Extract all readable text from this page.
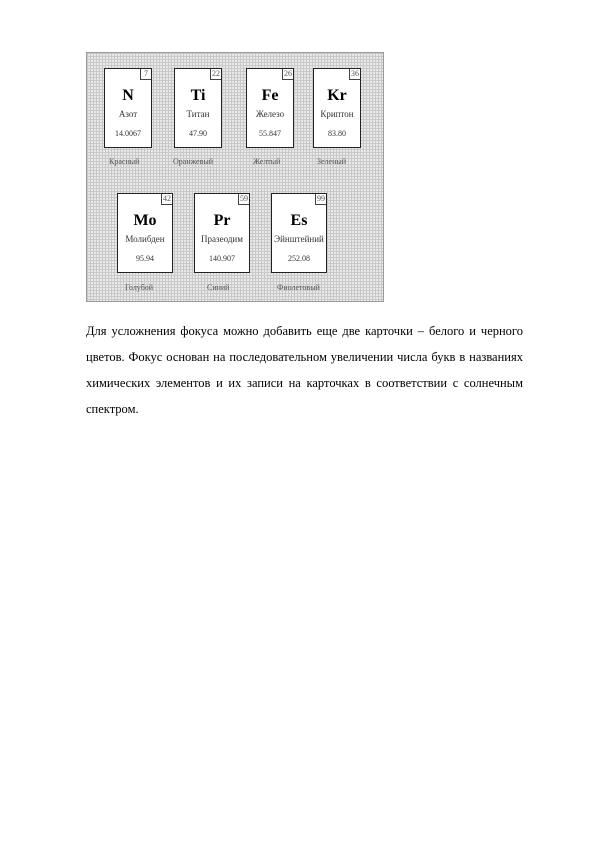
7
N
Азот
14.0067
Красный
22
Ti
Титан
47.90
Оранжевый
26
Fe
Железо
55.847
Желтый
36
Kr
Криптон
83.80
Зеленый
42
Mo
Молибден
95.94
Голубой
59
Pr
Празеодим
140.907
Синий
99
Es
Эйнштейний
252.08
Фиолетовый

Для усложнения фокуса можно добавить еще две карточки – белого и черного цветов. Фокус основан на последовательном увеличении числа букв в названиях химических элементов и их записи на карточках в соответствии с солнечным спектром.
